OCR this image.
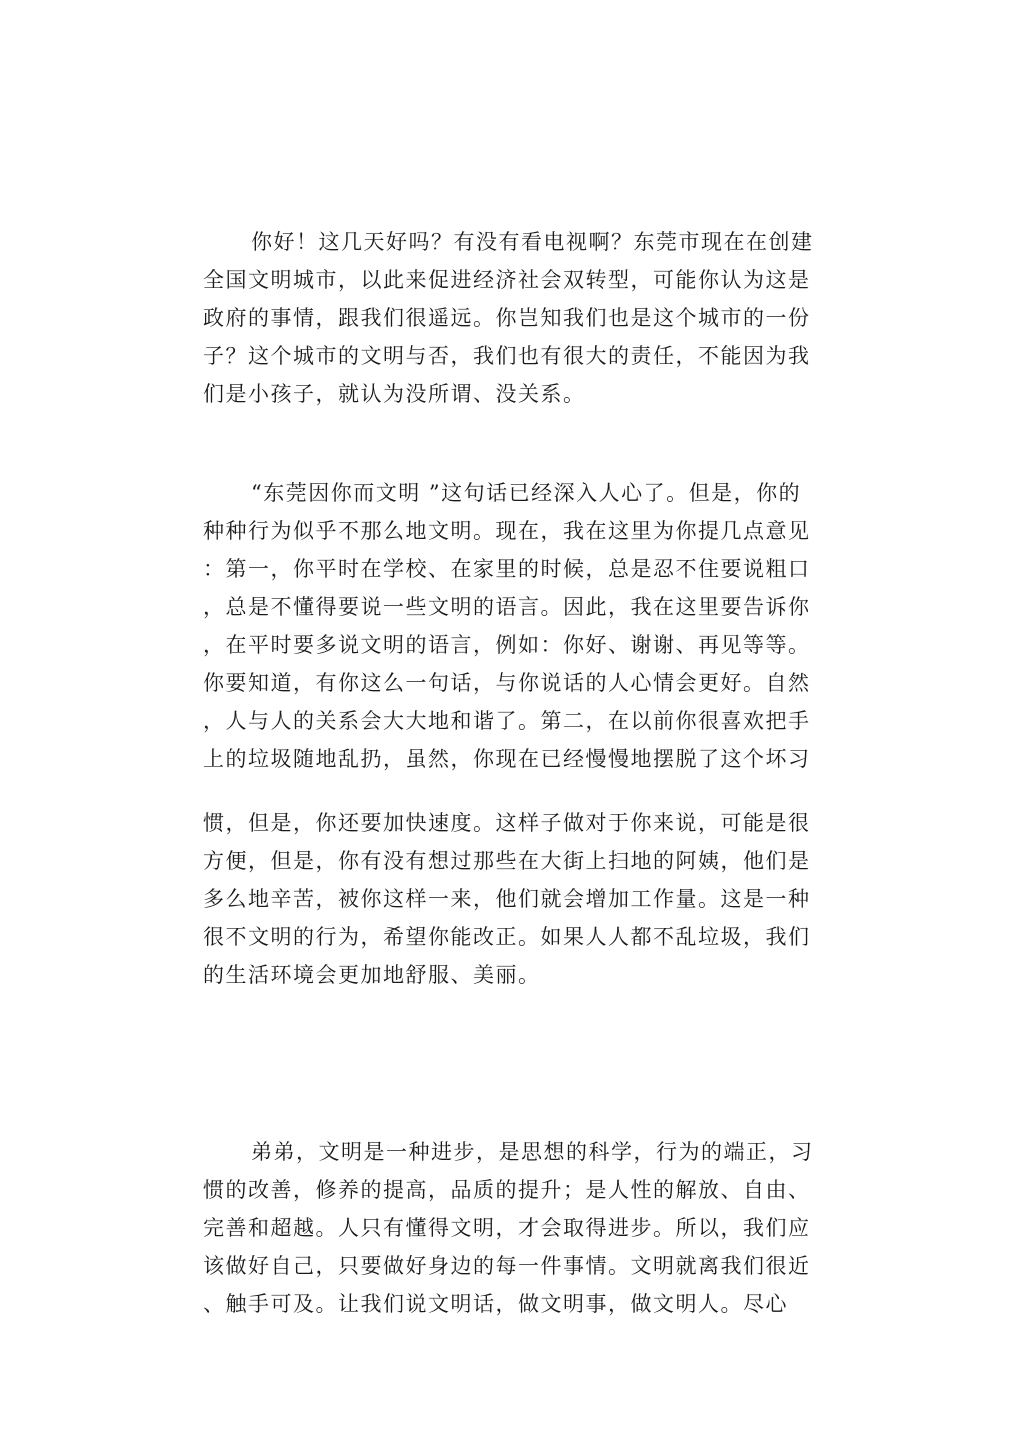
你好！这几天好吗？有没有看电视啊？东莞市现在在创建
全国文明城市，以此来促进经济社会双转型，可能你认为这是
政府的事情，跟我们很遥远。你岂知我们也是这个城市的一份
子？这个城市的文明与否，我们也有很大的责任，不能因为我
们是小孩子，就认为没所谓、没关系。
“东莞因你而文明 ”这句话已经深入人心了。但是，你的
种种行为似乎不那么地文明。现在，我在这里为你提几点意见
：第一，你平时在学校、在家里的时候，总是忍不住要说粗口
，总是不懂得要说一些文明的语言。因此，我在这里要告诉你
，在平时要多说文明的语言，例如：你好、谢谢、再见等等。
你要知道，有你这么一句话，与你说话的人心情会更好。自然
，人与人的关系会大大地和谐了。第二，在以前你很喜欢把手
上的垃圾随地乱扔，虽然，你现在已经慢慢地摆脱了这个坏习
惯，但是，你还要加快速度。这样子做对于你来说，可能是很
方便，但是，你有没有想过那些在大街上扫地的阿姨，他们是
多么地辛苦，被你这样一来，他们就会增加工作量。这是一种
很不文明的行为，希望你能改正。如果人人都不乱垃圾，我们
的生活环境会更加地舒服、美丽。
弟弟，文明是一种进步，是思想的科学，行为的端正，习
惯的改善，修养的提高，品质的提升；是人性的解放、自由、
完善和超越。人只有懂得文明，才会取得进步。所以，我们应
该做好自己，只要做好身边的每一件事情。文明就离我们很近
、触手可及。让我们说文明话，做文明事，做文明人。尽心
